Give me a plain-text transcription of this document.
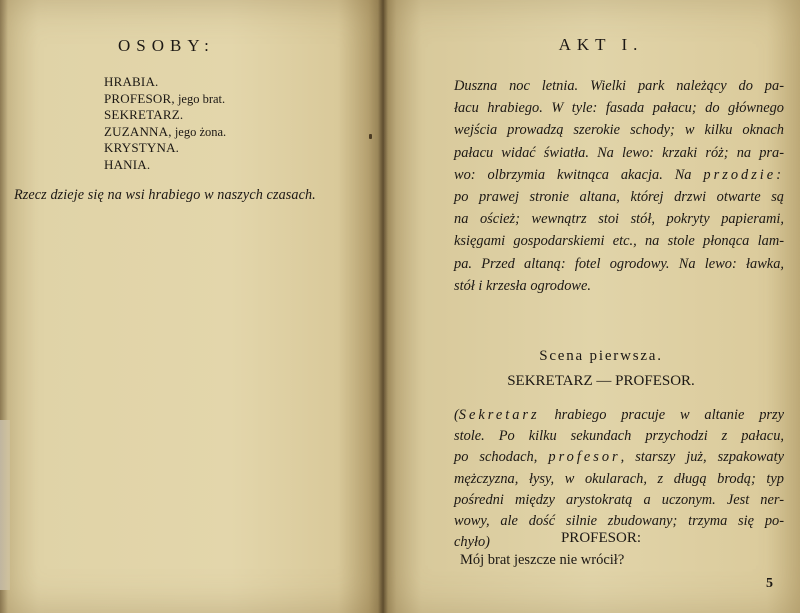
OSOBY:
HRABIA.
PROFESOR, jego brat.
SEKRETARZ.
ZUZANNA, jego żona.
KRYSTYNA.
HANIA.

Rzecz dzieje się na wsi hrabiego w naszych czasach.

AKT I.

Duszna noc letnia. Wielki park należący do pa-
łacu hrabiego. W tyle: fasada pałacu; do głównego
wejścia prowadzą szerokie schody; w kilku oknach
pałacu widać światła. Na lewo: krzaki róż; na pra-
wo: olbrzymia kwitnąca akacja. Na przodzie:
po prawej stronie altana, której drzwi otwarte są
na oścież; wewnątrz stoi stół, pokryty papierami,
księgami gospodarskiemi etc., na stole płonąca lam-
pa. Przed altaną: fotel ogrodowy. Na lewo: ławka,
stół i krzesła ogrodowe.

Scena pierwsza.

SEKRETARZ — PROFESOR.

(Sekretarz hrabiego pracuje w altanie przy
stole. Po kilku sekundach przychodzi z pałacu,
po schodach, profesor, starszy już, szpakowaty
mężczyzna, łysy, w okularach, z długą brodą; typ
pośredni między arystokratą a uczonym. Jest ner-
wowy, ale dość silnie zbudowany; trzyma się po-
chyło)	PROFESOR:

Mój brat jeszcze nie wrócił?

5
